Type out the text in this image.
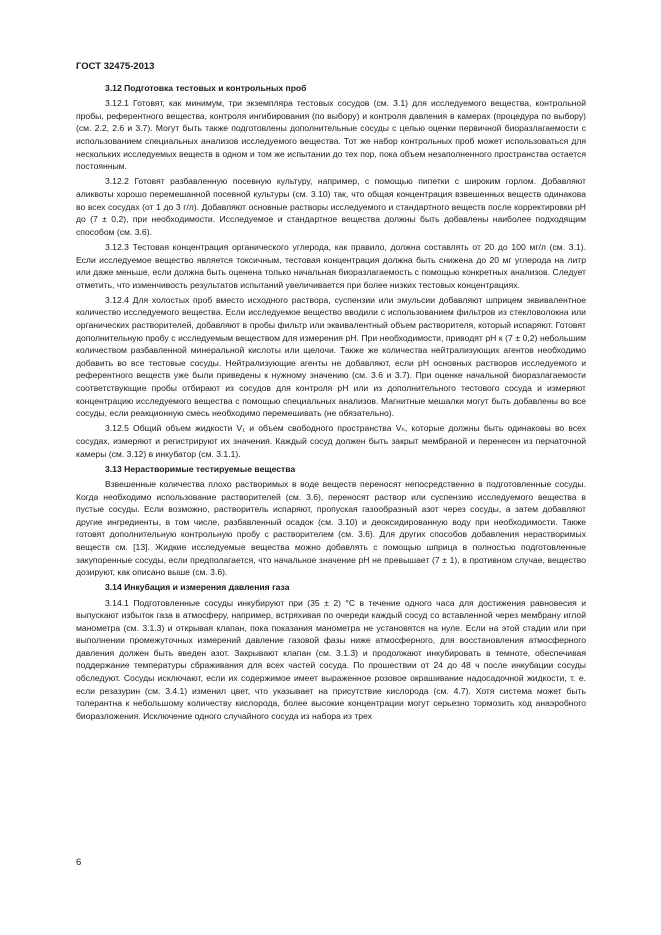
ГОСТ 32475-2013
3.12 Подготовка тестовых и контрольных проб

3.12.1 Готовят, как минимум, три экземпляра тестовых сосудов (см. 3.1) для исследуемого вещества, контрольной пробы, референтного вещества, контроля ингибирования (по выбору) и контроля давления в камерах (процедура по выбору) (см. 2.2, 2.6 и 3.7). Могут быть также подготовлены дополнительные сосуды с целью оценки первичной биоразлагаемости с использованием специальных анализов исследуемого вещества. Тот же набор контрольных проб может использоваться для нескольких исследуемых веществ в одном и том же испытании до тех пор, пока объем незаполненного пространства остается постоянным.

3.12.2 Готовят разбавленную посевную культуру, например, с помощью пипетки с широким горлом. Добавляют аликвоты хорошо перемешанной посевной культуры (см. 3.10) так, что общая концентрация взвешенных веществ одинакова во всех сосудах (от 1 до 3 г/л). Добавляют основные растворы исследуемого и стандартного веществ после корректировки pH до (7 ± 0,2), при необходимости. Исследуемое и стандартное вещества должны быть добавлены наиболее подходящим способом (см. 3.6).

3.12.3 Тестовая концентрация органического углерода, как правило, должна составлять от 20 до 100 мг/л (см. 3.1). Если исследуемое вещество является токсичным, тестовая концентрация должна быть снижена до 20 мг углерода на литр или даже меньше, если должна быть оценена только начальная биоразлагаемость с помощью конкретных анализов. Следует отметить, что изменчивость результатов испытаний увеличивается при более низких тестовых концентрациях.

3.12.4 Для холостых проб вместо исходного раствора, суспензии или эмульсии добавляют шприцем эквивалентное количество исследуемого вещества. Если исследуемое вещество вводили с использованием фильтров из стекловолокна или органических растворителей, добавляют в пробы фильтр или эквивалентный объем растворителя, который испаряют. Готовят дополнительную пробу с исследуемым веществом для измерения pH. При необходимости, приводят pH к (7 ± 0,2) небольшим количеством разбавленной минеральной кислоты или щелочи. Также же количества нейтрализующих агентов необходимо добавить во все тестовые сосуды. Нейтрализующие агенты не добавляют, если pH основных растворов исследуемого и референтного веществ уже были приведены к нужному значению (см. 3.6 и 3.7). При оценке начальной биоразлагаемости соответствующие пробы отбирают из сосудов для контроля pH или из дополнительного тестового сосуда и измеряют концентрацию исследуемого вещества с помощью специальных анализов. Магнитные мешалки могут быть добавлены во все сосуды, если реакционную смесь необходимо перемешивать (не обязательно).

3.12.5 Общий объем жидкости V₁ и объем свободного пространства Vₕ, которые должны быть одинаковы во всех сосудах, измеряют и регистрируют их значения. Каждый сосуд должен быть закрыт мембраной и перенесен из перчаточной камеры (см. 3.12) в инкубатор (см. 3.1.1).

3.13 Нерастворимые тестируемые вещества

Взвешенные количества плохо растворимых в воде веществ переносят непосредственно в подготовленные сосуды. Когда необходимо использование растворителей (см. 3.6), переносят раствор или суспензию исследуемого вещества в пустые сосуды. Если возможно, растворитель испаряют, пропуская газообразный азот через сосуды, а затем добавляют другие ингредиенты, в том числе, разбавленный осадок (см. 3.10) и деоксидированную воду при необходимости. Также готовят дополнительную контрольную пробу с растворителем (см. 3.6). Для других способов добавления нерастворимых веществ см. [13]. Жидкие исследуемые вещества можно добавлять с помощью шприца в полностью подготовленные закупоренные сосуды, если предполагается, что начальное значение pH не превышает (7 ± 1), в противном случае, вещество дозируют, как описано выше (см. 3.6).

3.14 Инкубация и измерения давления газа

3.14.1 Подготовленные сосуды инкубируют при (35 ± 2) °С в течение одного часа для достижения равновесия и выпускают избыток газа в атмосферу, например, встряхивая по очереди каждый сосуд со вставленной через мембрану иглой манометра (см. 3.1.3) и открывая клапан, пока показания манометра не установятся на нуле. Если на этой стадии или при выполнении промежуточных измерений давление газовой фазы ниже атмосферного, для восстановления атмосферного давления должен быть введен азот. Закрывают клапан (см. 3.1.3) и продолжают инкубировать в темноте, обеспечивая поддержание температуры сбраживания для всех частей сосуда. По прошествии от 24 до 48 ч после инкубации сосуды обследуют. Сосуды исключают, если их содержимое имеет выраженное розовое окрашивание надосадочной жидкости, т. е. если резазурин (см. 3.4.1) изменил цвет, что указывает на присутствие кислорода (см. 4.7). Хотя система может быть толерантна к небольшому количеству кислорода, более высокие концентрации могут серьезно тормозить ход анаэробного биоразложения. Исключение одного случайного сосуда из набора из трех

6
